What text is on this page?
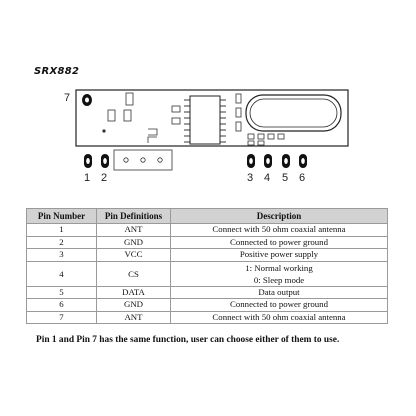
SRX882
7
1 2	3 4 5 6
Pin Number	Pin Definitions	Description
1	ANT	Connect with 50 ohm coaxial antenna
2	GND	Connected to power ground
3	VCC	Positive power supply
4	CS	1: Normal working
0: Sleep mode

5	DATA	Data output
6	GND	Connected to power ground
7	ANT	Connect with 50 ohm coaxial antenna
Pin 1 and Pin 7 has the same function, user can choose either of them to use.
